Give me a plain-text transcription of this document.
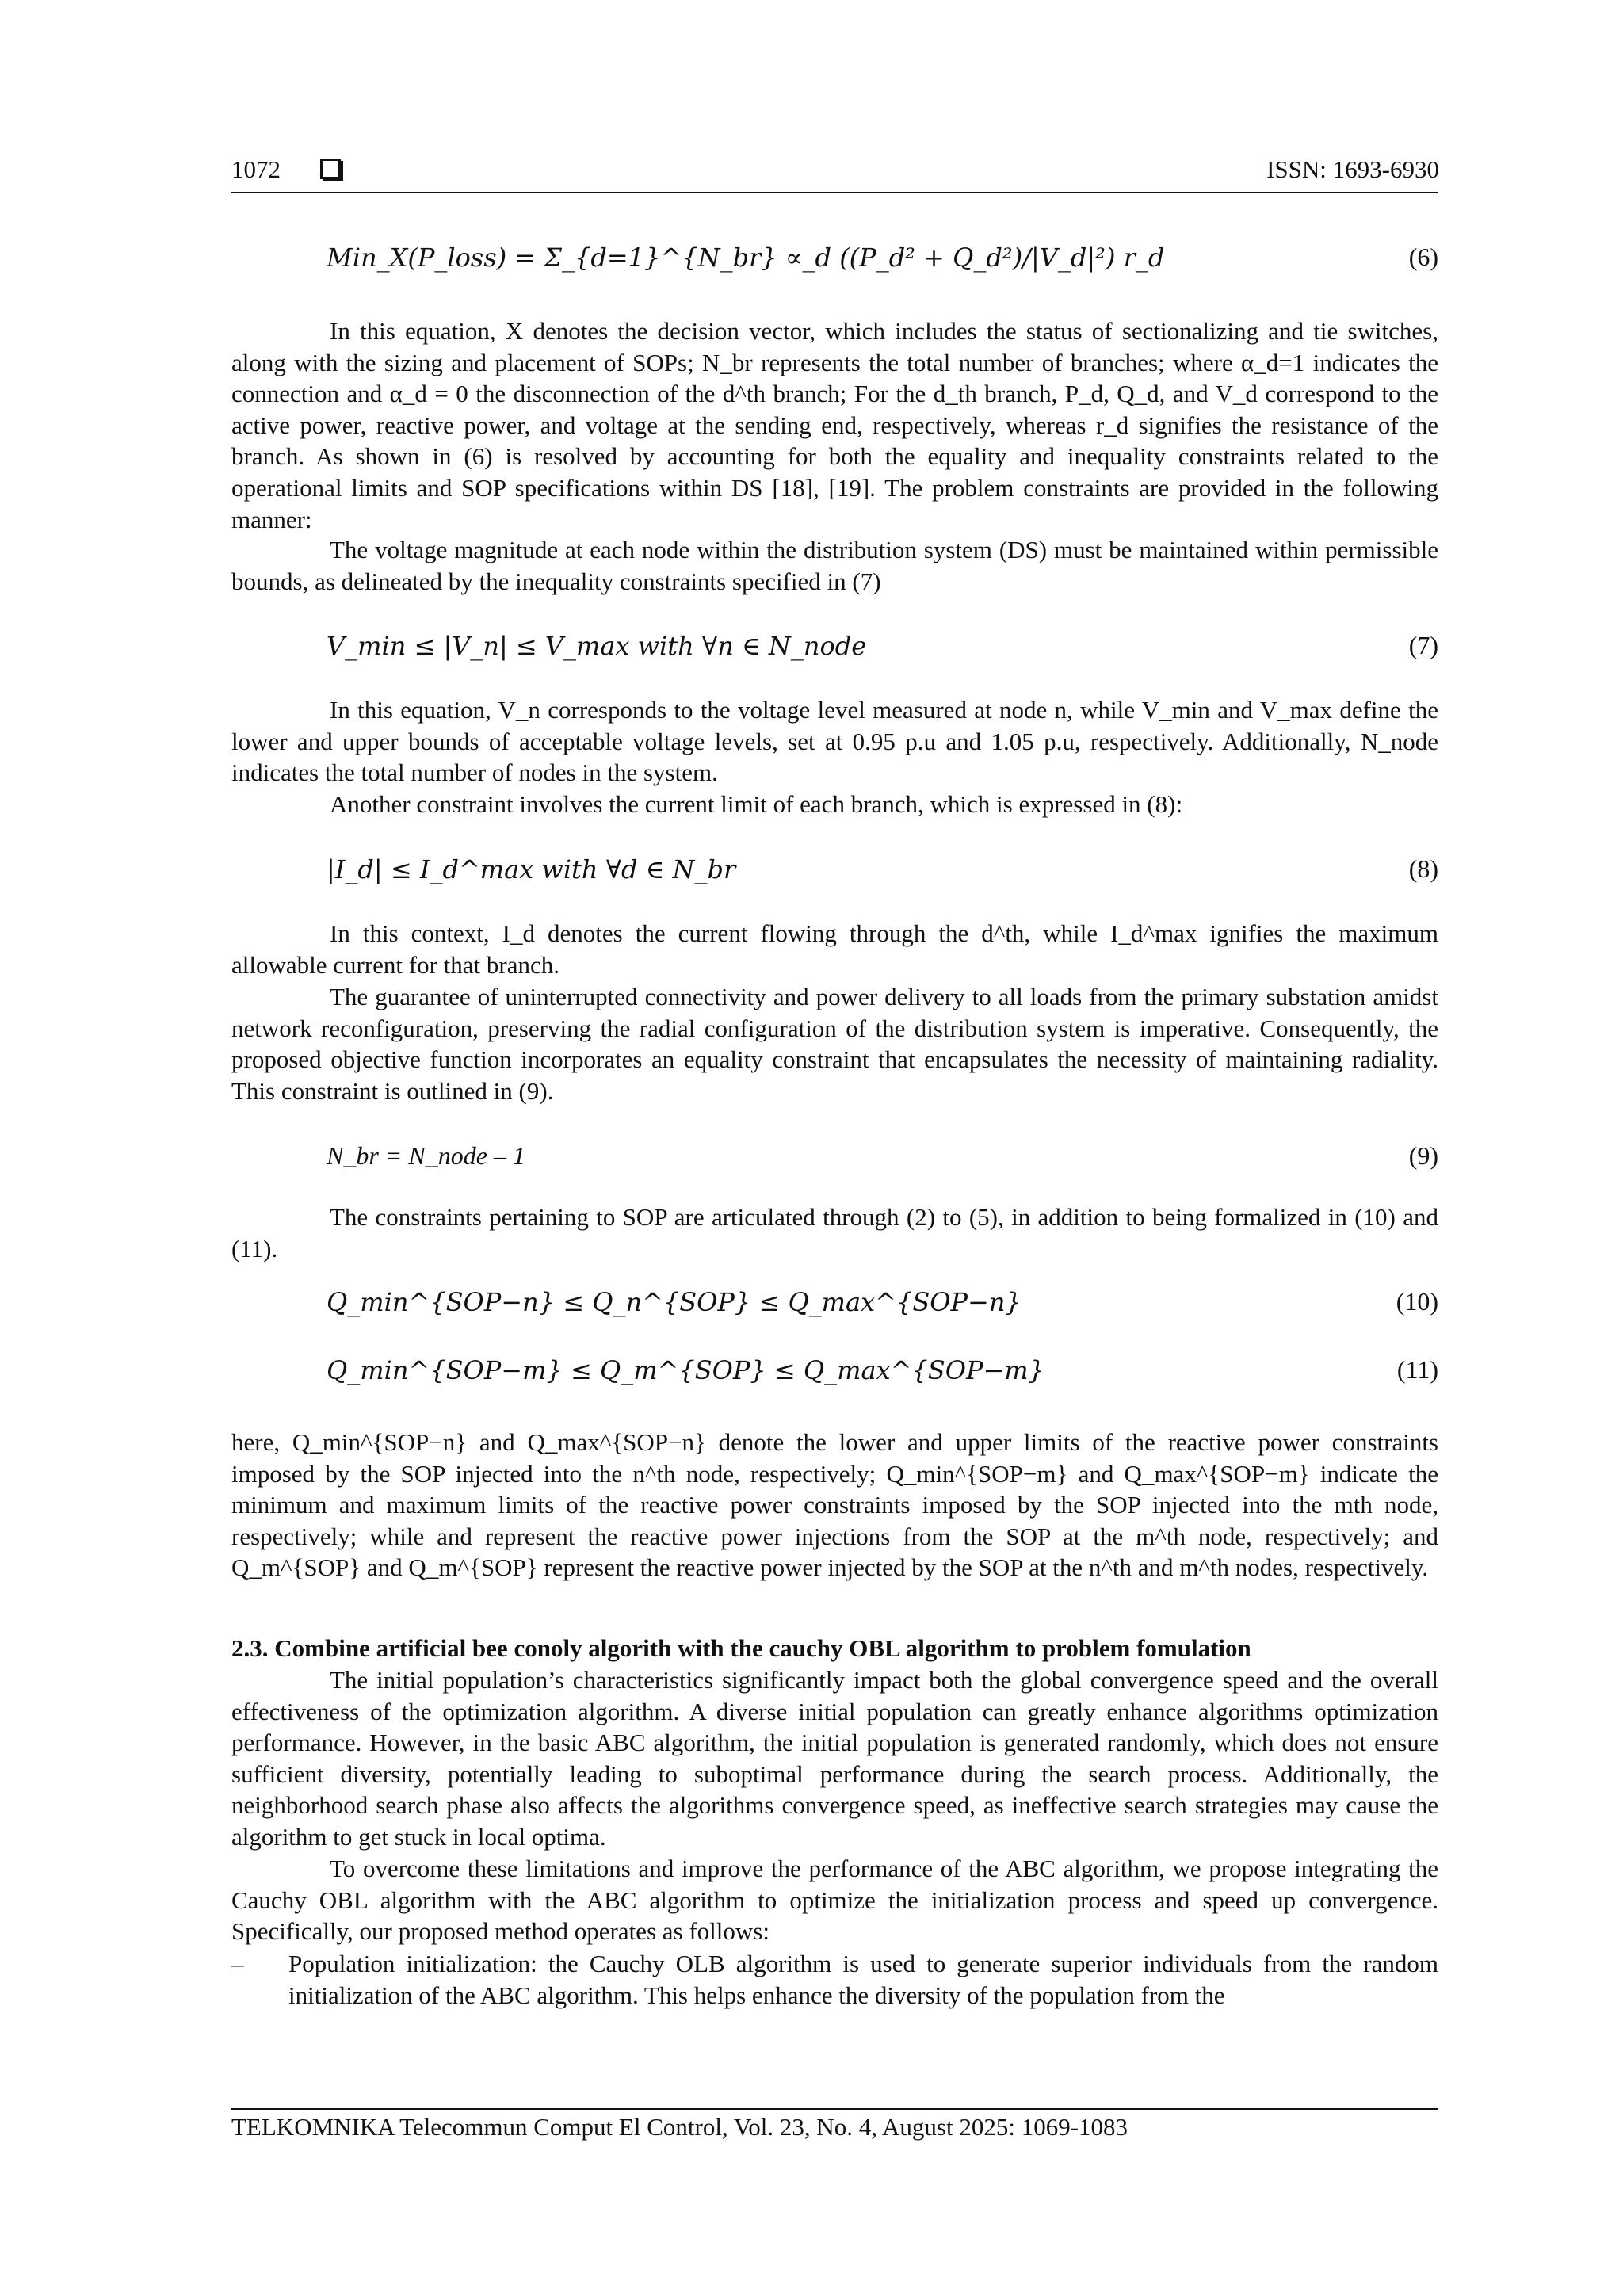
1072	ISSN: 1693-6930
Min_X(P_loss) = Σ_{d=1}^{N_br} ∝_d ((P_d² + Q_d²)/|V_d|²) r_d	(6)

In this equation, X denotes the decision vector, which includes the status of sectionalizing and tie switches, along with the sizing and placement of SOPs; N_br represents the total number of branches; where α_d=1 indicates the connection and α_d = 0 the disconnection of the d^th branch; For the d_th branch, P_d, Q_d, and V_d correspond to the active power, reactive power, and voltage at the sending end, respectively, whereas r_d signifies the resistance of the branch. As shown in (6) is resolved by accounting for both the equality and inequality constraints related to the operational limits and SOP specifications within DS [18], [19]. The problem constraints are provided in the following manner:

The voltage magnitude at each node within the distribution system (DS) must be maintained within permissible bounds, as delineated by the inequality constraints specified in (7)

V_min ≤ |V_n| ≤ V_max with ∀n ∈ N_node	(7)

In this equation, V_n corresponds to the voltage level measured at node n, while V_min and V_max define the lower and upper bounds of acceptable voltage levels, set at 0.95 p.u and 1.05 p.u, respectively. Additionally, N_node indicates the total number of nodes in the system.

Another constraint involves the current limit of each branch, which is expressed in (8):

|I_d| ≤ I_d^max with ∀d ∈ N_br	(8)

In this context, I_d denotes the current flowing through the d^th, while I_d^max ignifies the maximum allowable current for that branch.

The guarantee of uninterrupted connectivity and power delivery to all loads from the primary substation amidst network reconfiguration, preserving the radial configuration of the distribution system is imperative. Consequently, the proposed objective function incorporates an equality constraint that encapsulates the necessity of maintaining radiality. This constraint is outlined in (9).

N_br = N_node – 1	(9)

The constraints pertaining to SOP are articulated through (2) to (5), in addition to being formalized in (10) and (11).

Q_min^{SOP−n} ≤ Q_n^{SOP} ≤ Q_max^{SOP−n}	(10)
Q_min^{SOP−m} ≤ Q_m^{SOP} ≤ Q_max^{SOP−m}	(11)

here, Q_min^{SOP−n} and Q_max^{SOP−n} denote the lower and upper limits of the reactive power constraints imposed by the SOP injected into the n^th node, respectively; Q_min^{SOP−m} and Q_max^{SOP−m} indicate the minimum and maximum limits of the reactive power constraints imposed by the SOP injected into the mth node, respectively; while and represent the reactive power injections from the SOP at the m^th node, respectively; and Q_m^{SOP} and Q_m^{SOP} represent the reactive power injected by the SOP at the n^th and m^th nodes, respectively.

2.3. Combine artificial bee conoly algorith with the cauchy OBL algorithm to problem fomulation

The initial population’s characteristics significantly impact both the global convergence speed and the overall effectiveness of the optimization algorithm. A diverse initial population can greatly enhance algorithms optimization performance. However, in the basic ABC algorithm, the initial population is generated randomly, which does not ensure sufficient diversity, potentially leading to suboptimal performance during the search process. Additionally, the neighborhood search phase also affects the algorithms convergence speed, as ineffective search strategies may cause the algorithm to get stuck in local optima.

To overcome these limitations and improve the performance of the ABC algorithm, we propose integrating the Cauchy OBL algorithm with the ABC algorithm to optimize the initialization process and speed up convergence. Specifically, our proposed method operates as follows:

– Population initialization: the Cauchy OLB algorithm is used to generate superior individuals from the random initialization of the ABC algorithm. This helps enhance the diversity of the population from the
TELKOMNIKA Telecommun Comput El Control, Vol. 23, No. 4, August 2025: 1069-1083
